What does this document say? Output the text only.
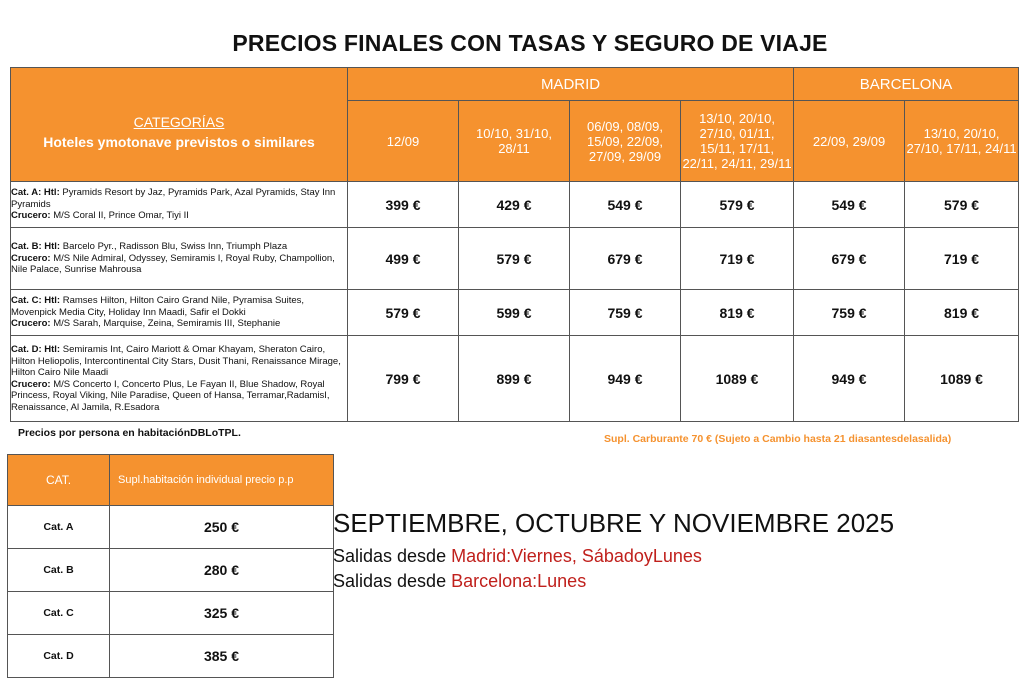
PRECIOS FINALES CON TASAS Y SEGURO DE VIAJE
CATEGORÍAS
Hoteles ymotonave previstos o similares	MADRID				BARCELONA	
	12/09	10/10, 31/10, 28/11	06/09, 08/09, 15/09, 22/09, 27/09, 29/09	13/10, 20/10, 27/10, 01/11, 15/11, 17/11, 22/11, 24/11, 29/11	22/09, 29/09	13/10, 20/10, 27/10, 17/11, 24/11
Cat. A: Htl: Pyramids Resort by Jaz, Pyramids Park, Azal Pyramids, Stay Inn Pyramids
Crucero: M/S Coral II, Prince Omar, Tiyi II	399 €	429 €	549 €	579 €	549 €	579 €
Cat. B: Htl: Barcelo Pyr., Radisson Blu, Swiss Inn, Triumph Plaza
Crucero: M/S Nile Admiral, Odyssey, Semiramis I, Royal Ruby, Champollion, Nile Palace, Sunrise Mahrousa	499 €	579 €	679 €	719 €	679 €	719 €
Cat. C: Htl: Ramses Hilton, Hilton Cairo Grand Nile, Pyramisa Suites, Movenpick Media City, Holiday Inn Maadi, Safir el Dokki
Crucero: M/S Sarah, Marquise, Zeina, Semiramis III, Stephanie	579 €	599 €	759 €	819 €	759 €	819 €
Cat. D: Htl: Semiramis Int, Cairo Mariott & Omar Khayam, Sheraton Cairo, Hilton Heliopolis, Intercontinental City Stars, Dusit Thani, Renaissance Mirage, Hilton Cairo Nile Maadi
Crucero: M/S Concerto I, Concerto Plus, Le Fayan II, Blue Shadow, Royal Princess, Royal Viking, Nile Paradise, Queen of Hansa, Terramar,RadamisI, Renaissance, Al Jamila, R.Esadora	799 €	899 €	949 €	1089 €	949 €	1089 €
Precios por persona en habitaciónDBLoTPL.	Supl. Carburante 70 € (Sujeto a Cambio hasta 21 diasantesdelasalida)
CAT.	Supl.habitación individual precio p.p
Cat. A	250 €
Cat. B	280 €
Cat. C	325 €
Cat. D	385 €
SEPTIEMBRE, OCTUBRE Y NOVIEMBRE 2025
Salidas desde Madrid:Viernes, SábadoyLunes
Salidas desde Barcelona:Lunes
